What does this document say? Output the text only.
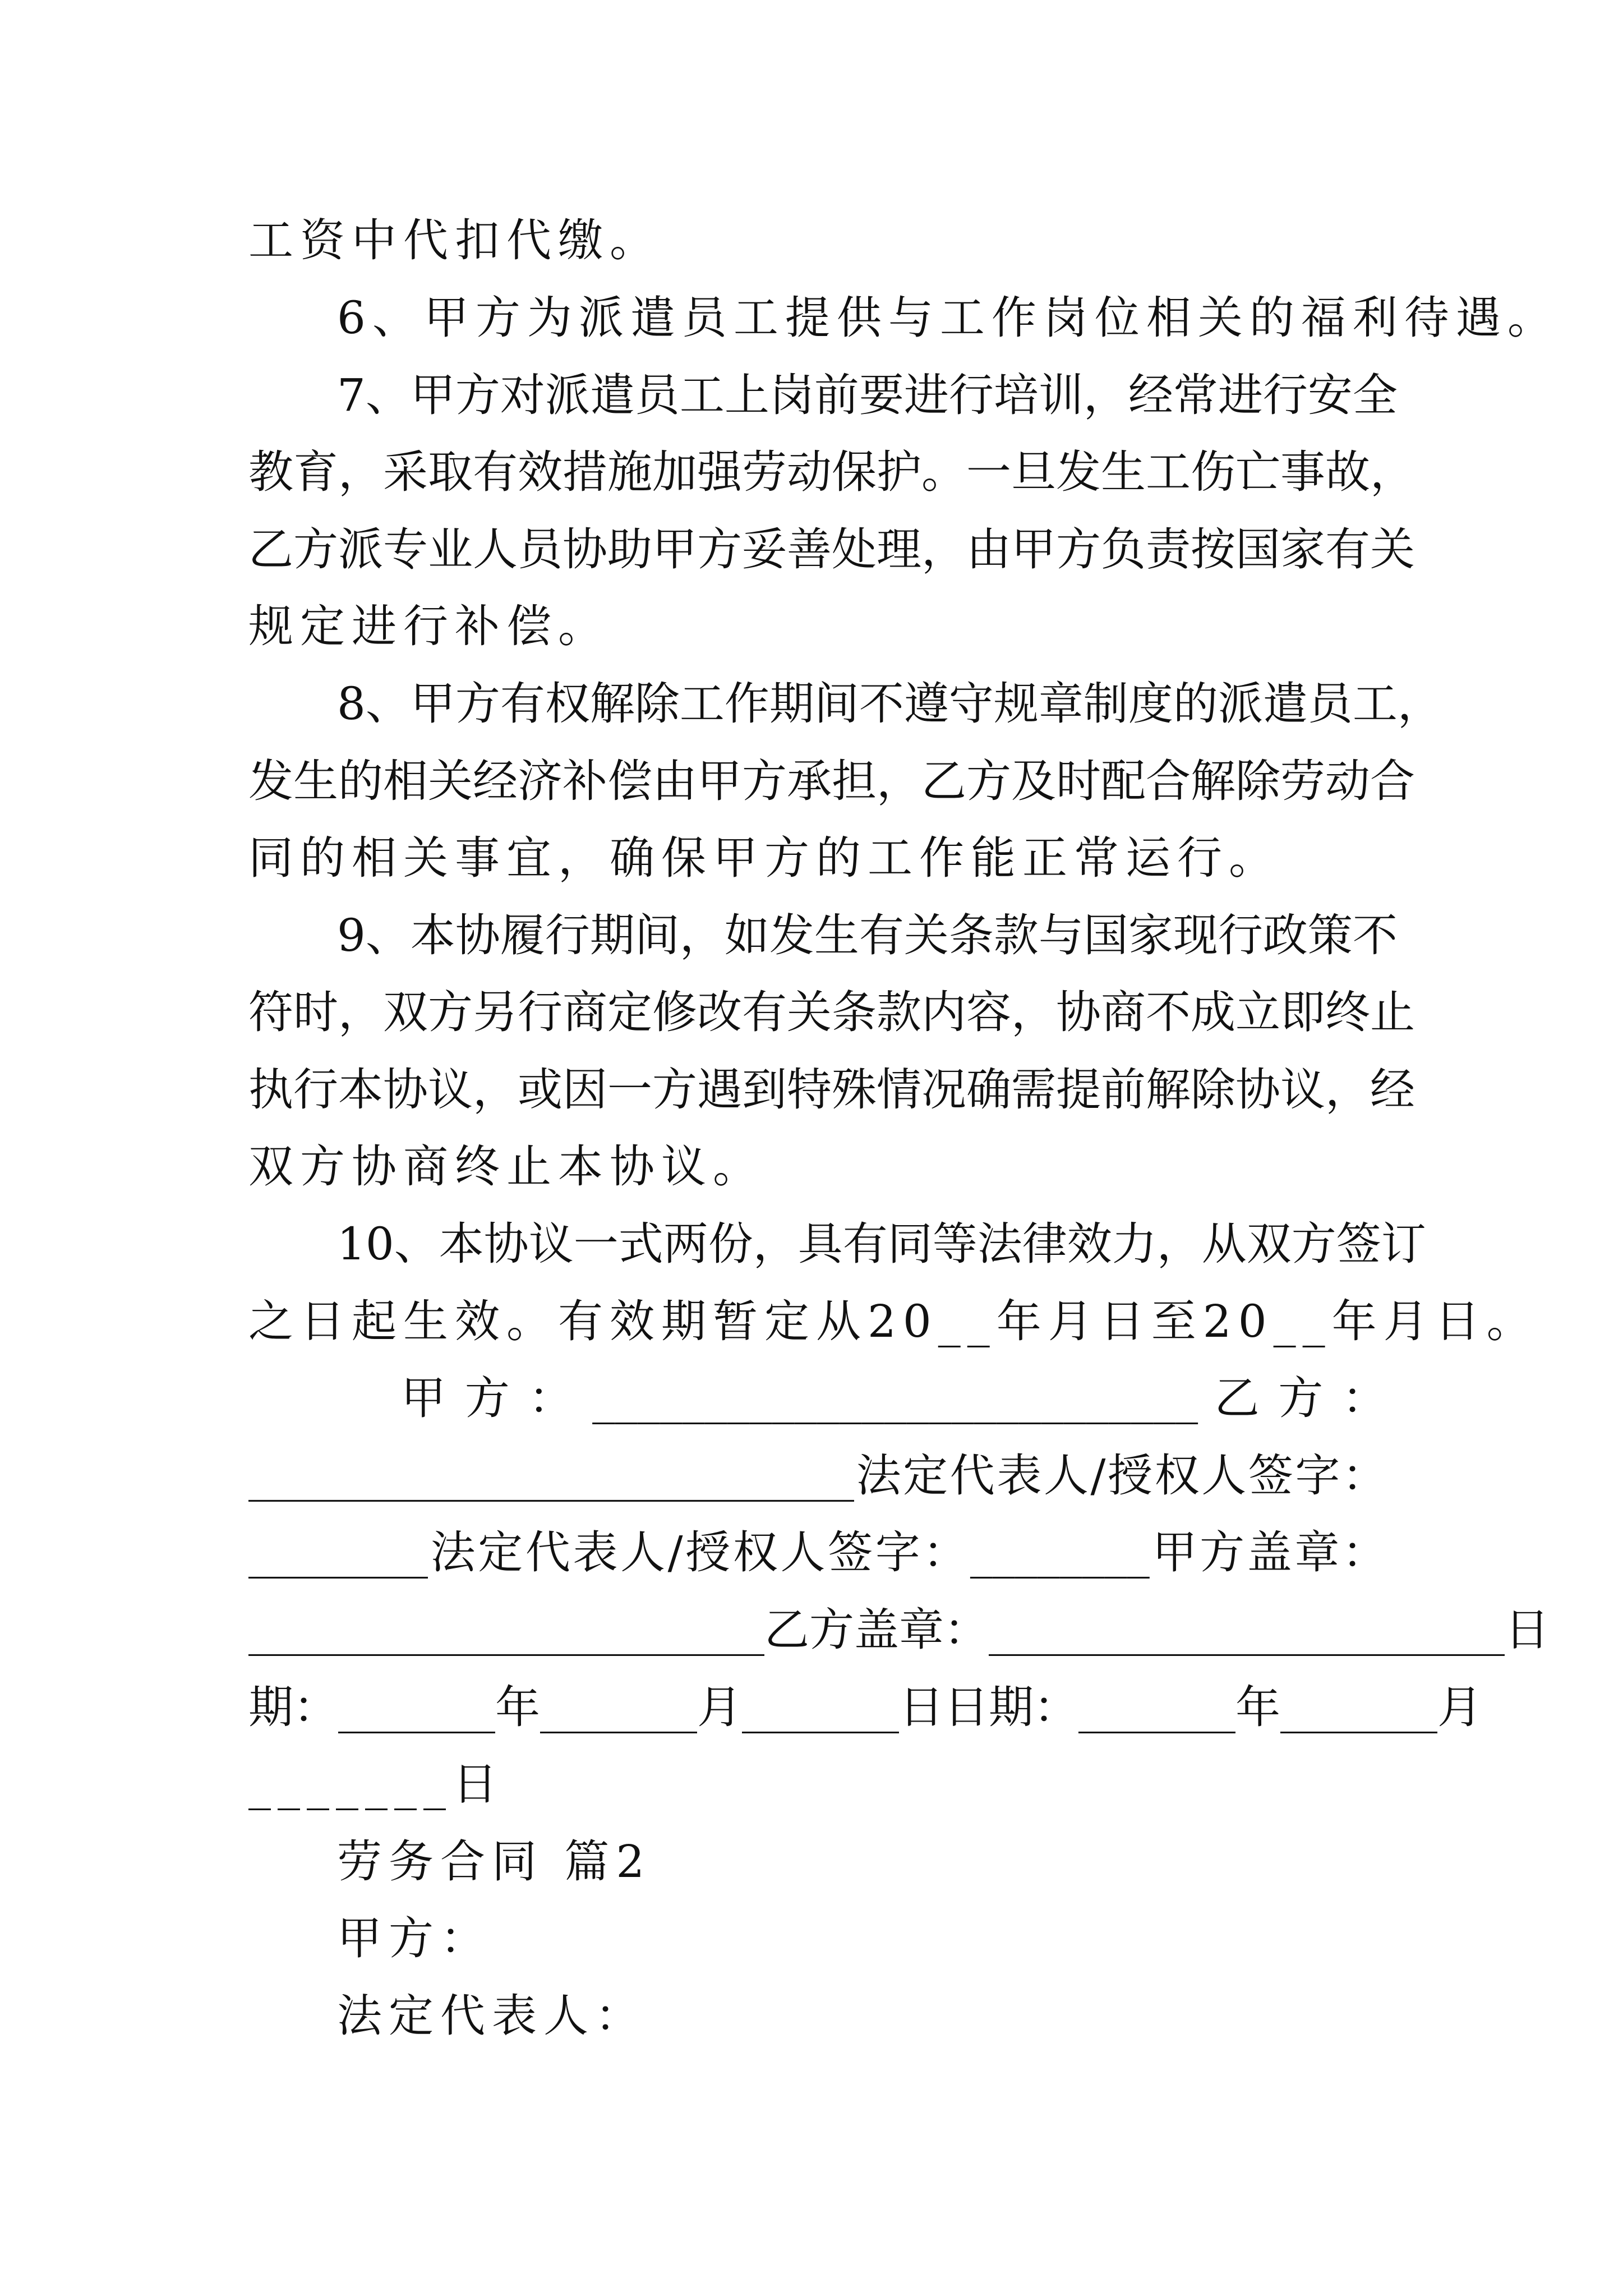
工资中代扣代缴。
6、甲方为派遣员工提供与工作岗位相关的福利待遇。
7、甲方对派遣员工上岗前要进行培训，经常进行安全
教育，采取有效措施加强劳动保护。一旦发生工伤亡事故，
乙方派专业人员协助甲方妥善处理，由甲方负责按国家有关
规定进行补偿。
8、甲方有权解除工作期间不遵守规章制度的派遣员工，
发生的相关经济补偿由甲方承担，乙方及时配合解除劳动合
同的相关事宜，确保甲方的工作能正常运行。
9、本协履行期间，如发生有关条款与国家现行政策不
符时，双方另行商定修改有关条款内容，协商不成立即终止
执行本协议，或因一方遇到特殊情况确需提前解除协议，经
双方协商终止本协议。
10、本协议一式两份，具有同等法律效力，从双方签订
之日起生效。有效期暂定从20__年月日至20__年月日。
甲 方 ： ___________________________ 乙 方 ：
___________________________法定代表人/授权人签字：
________法定代表人/授权人签字：________甲方盖章：
_______________________乙方盖章：_______________________日
期：_______年_______月_______日日期：_______年_______月
_______日
劳务合同 篇2
甲方：
法定代表人：
